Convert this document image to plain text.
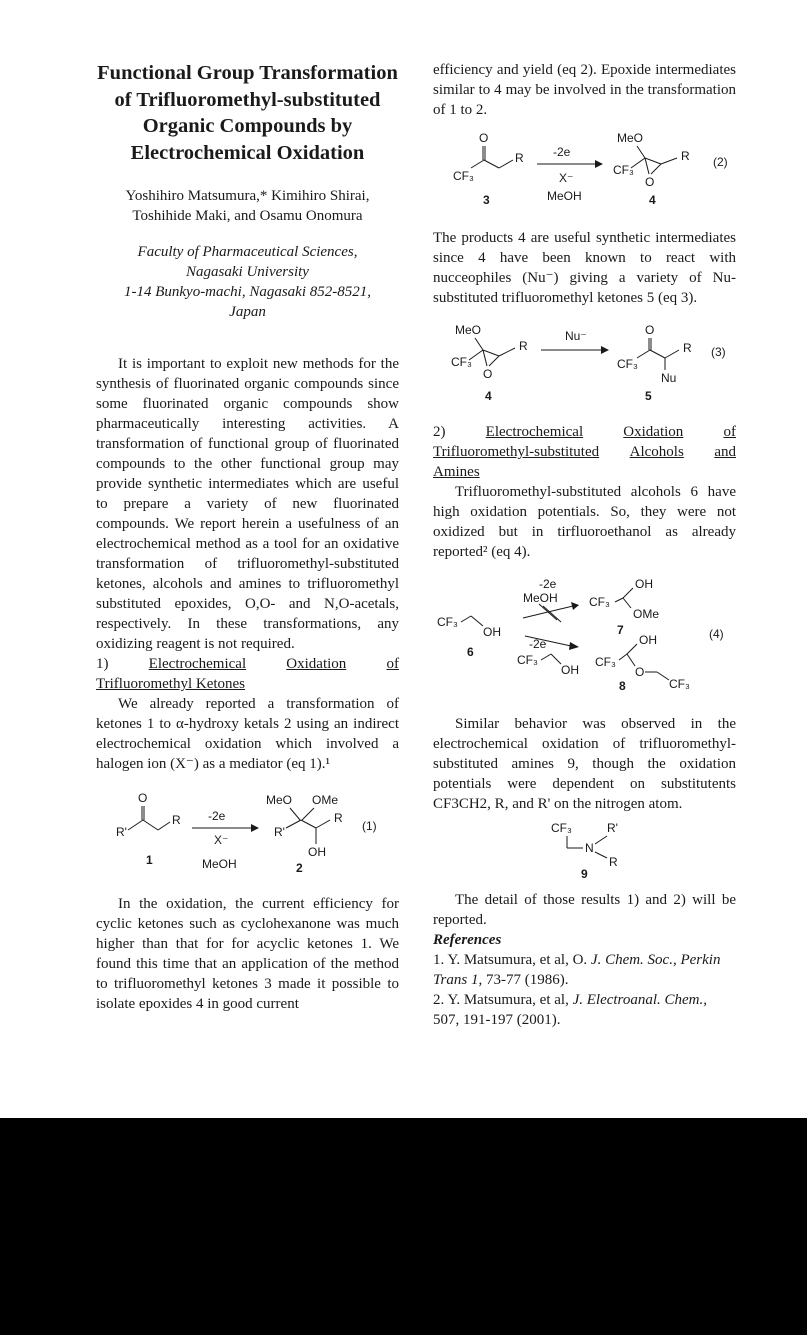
Functional Group Transformation of Trifluoromethyl-substituted Organic Compounds by Electrochemical Oxidation
Yoshihiro Matsumura,* Kimihiro Shirai, Toshihide Maki, and Osamu Onomura
Faculty of Pharmaceutical Sciences,
Nagasaki University
1-14 Bunkyo-machi, Nagasaki 852-8521,
Japan

It is important to exploit new methods for the synthesis of fluorinated organic compounds since some fluorinated organic compounds show pharmaceutically interesting activities. A transformation of functional group of fluorinated compounds to the other functional group may provide synthetic intermediates which are useful to prepare a variety of new fluorinated compounds. We report herein a usefulness of an electrochemical method as a tool for an oxidative transformation of trifluoromethyl-substituted ketones, alcohols and amines to trifluoromethyl substituted epoxides, O,O- and N,O-acetals, respectively. In these transformations, any oxidizing reagent is not required.

1)	Electrochemical	Oxidation	of
Trifluoromethyl Ketones

We already reported a transformation of ketones 1 to α-hydroxy ketals 2 using an indirect electrochemical oxidation which involved a halogen ion (X⁻) as a mediator (eq 1).¹

O
R'
R
1
-2e
X⁻
MeOH
MeO OMe
R'
R
OH
2
(1)

In the oxidation, the current efficiency for cyclic ketones such as cyclohexanone was much higher than that for for acyclic ketones 1. We found this time that an application of the method to trifluoromethyl ketones 3 made it possible to isolate epoxides 4 in good current

efficiency and yield (eq 2). Epoxide intermediates similar to 4 may be involved in the transformation of 1 to 2.

O
CF₃
R
3
-2e
X⁻
MeOH
MeO
CF₃
O
R
4
(2)

The products 4 are useful synthetic intermediates since 4 have been known to react with nucceophiles (Nu⁻) giving a variety of Nu-substituted trifluoromethyl ketones 5 (eq 3).

MeO
CF₃
O
R
4
Nu⁻	O
CF₃
R
Nu
5
(3)
2)	Electrochemical	Oxidation	of
Trifluoromethyl-substituted Alcohols and
Amines

Trifluoromethyl-substituted alcohols 6 have high oxidation potentials. So, they were not oxidized but in tirfluoroethanol as already reported² (eq 4).

CF₃
OH
6
-2e
MeOH	CF₃
OH
OMe
7
-2e
CF₃
OH
CF₃
OH
O
CF₃
8
(4)

Similar behavior was observed in the electrochemical oxidation of trifluoromethyl-substituted amines 9, though the oxidation potentials were dependent on substitutents CF3CH2, R, and R' on the nitrogen atom.

CF₃
N
R'
R
9

The detail of those results 1) and 2) will be reported.

References
1. Y. Matsumura, et al, O. J. Chem. Soc., Perkin Trans 1, 73-77 (1986).
2. Y. Matsumura, et al, J. Electroanal. Chem., 507, 191-197 (2001).
